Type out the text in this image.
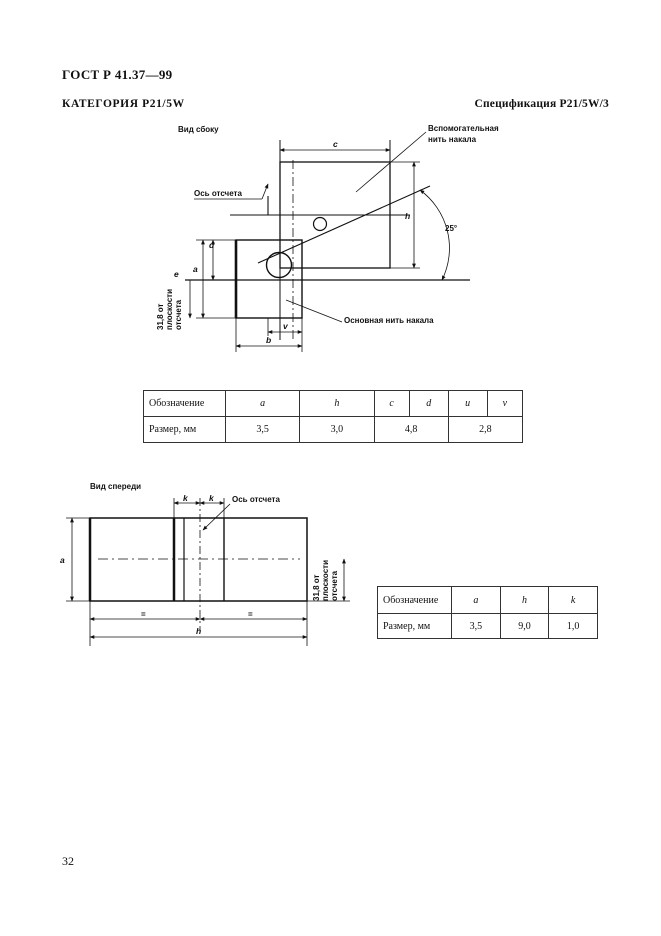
ГОСТ Р 41.37—99
КАТЕГОРИЯ P21/5W	Спецификация P21/5W/3
Вид сбоку
c
h
25°
Ось отсчета
d
a
e
31,8 от плоскости отсчета	v
b
Основная нить накала
Вспомогательная
нить накала
Обозначение	a	h	c	d	u	v
Размер, мм	3,5	3,0	4,8		2,8	
Вид спереди
k	k Ось отсчета
a
=	=
h
31,8 от плоскости отсчета	Обозначение	a	h	k
Размер, мм	3,5	9,0	1,0
32
